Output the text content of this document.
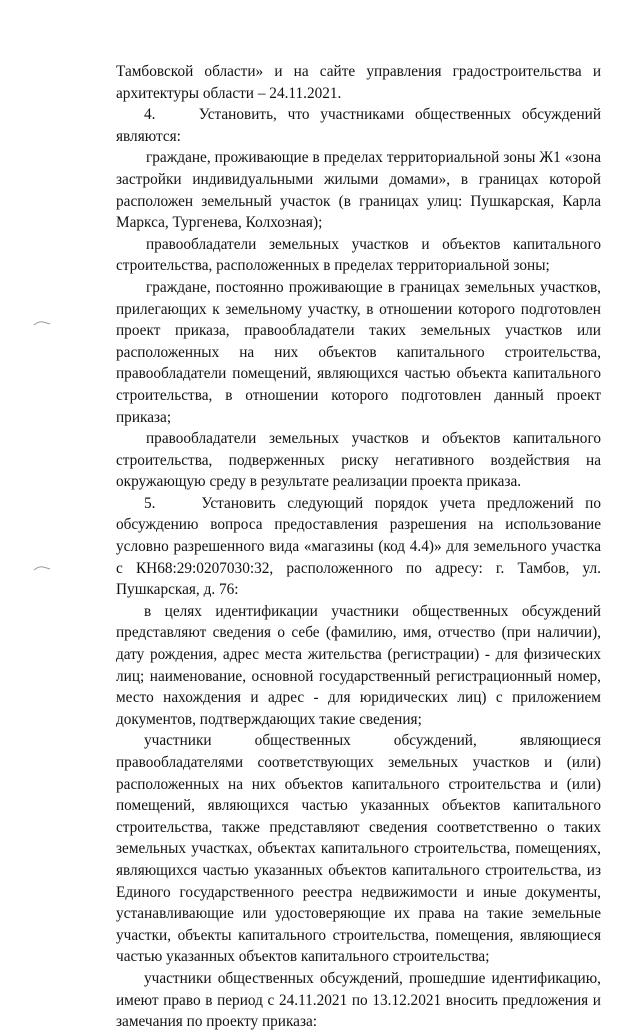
Тамбовской области» и на сайте управления градостроительства и архитектуры области – 24.11.2021.

4.    Установить, что участниками общественных обсуждений являются:

граждане, проживающие в пределах территориальной зоны Ж1 «зона застройки индивидуальными жилыми домами», в границах которой расположен земельный участок (в границах улиц: Пушкарская, Карла Маркса, Тургенева, Колхозная);

правообладатели земельных участков и объектов капитального строительства, расположенных в пределах территориальной зоны;

граждане, постоянно проживающие в границах земельных участков, прилегающих к земельному участку, в отношении которого подготовлен проект приказа, правообладатели таких земельных участков или расположенных на них объектов капитального строительства, правообладатели помещений, являющихся частью объекта капитального строительства, в отношении которого подготовлен данный проект приказа;

правообладатели земельных участков и объектов капитального строительства, подверженных риску негативного воздействия на окружающую среду в результате реализации проекта приказа.

5.    Установить следующий порядок учета предложений по обсуждению вопроса предоставления разрешения на использование условно разрешенного вида «магазины (код 4.4)» для земельного участка с КН68:29:0207030:32, расположенного по адресу: г. Тамбов, ул. Пушкарская, д. 76:

в целях идентификации участники общественных обсуждений представляют сведения о себе (фамилию, имя, отчество (при наличии), дату рождения, адрес места жительства (регистрации) - для физических лиц; наименование, основной государственный регистрационный номер, место нахождения и адрес - для юридических лиц) с приложением документов, подтверждающих такие сведения;

участники общественных обсуждений, являющиеся правообладателями соответствующих земельных участков и (или) расположенных на них объектов капитального строительства и (или) помещений, являющихся частью указанных объектов капитального строительства, также представляют сведения соответственно о таких земельных участках, объектах капитального строительства, помещениях, являющихся частью указанных объектов капитального строительства, из Единого государственного реестра недвижимости и иные документы, устанавливающие или удостоверяющие их права на такие земельные участки, объекты капитального строительства, помещения, являющиеся частью указанных объектов капитального строительства;

участники общественных обсуждений, прошедшие идентификацию, имеют право в период с 24.11.2021 по 13.12.2021 вносить предложения и замечания по проекту приказа:
